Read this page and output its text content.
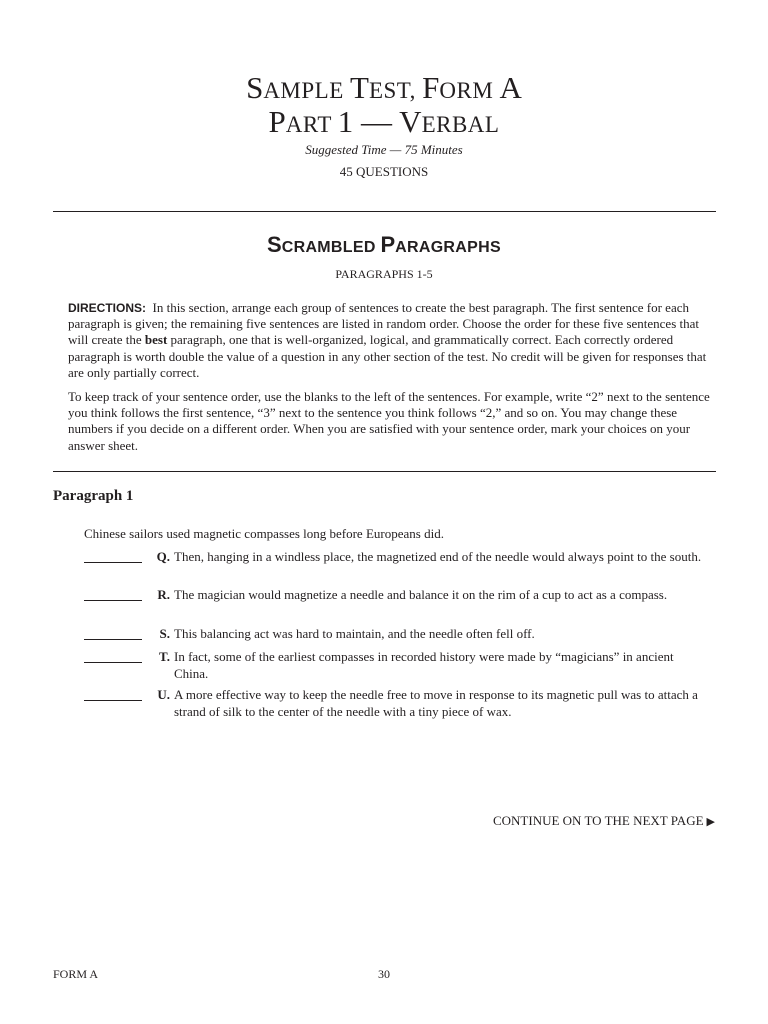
SAMPLE TEST, FORM A
PART 1 — VERBAL
Suggested Time — 75 Minutes
45 QUESTIONS
SCRAMBLED PARAGRAPHS
PARAGRAPHS 1-5
DIRECTIONS: In this section, arrange each group of sentences to create the best paragraph. The first sentence for each paragraph is given; the remaining five sentences are listed in random order. Choose the order for these five sentences that will create the best paragraph, one that is well-organized, logical, and grammatically correct. Each correctly ordered paragraph is worth double the value of a question in any other section of the test. No credit will be given for responses that are only partially correct.
To keep track of your sentence order, use the blanks to the left of the sentences. For example, write “2” next to the sentence you think follows the first sentence, “3” next to the sentence you think follows “2,” and so on. You may change these numbers if you decide on a different order. When you are satisfied with your sentence order, mark your choices on your answer sheet.
Paragraph 1
Chinese sailors used magnetic compasses long before Europeans did.
Q. Then, hanging in a windless place, the magnetized end of the needle would always point to the south.
R. The magician would magnetize a needle and balance it on the rim of a cup to act as a compass.
S. This balancing act was hard to maintain, and the needle often fell off.
T. In fact, some of the earliest compasses in recorded history were made by “magicians” in ancient China.
U. A more effective way to keep the needle free to move in response to its magnetic pull was to attach a strand of silk to the center of the needle with a tiny piece of wax.
CONTINUE ON TO THE NEXT PAGE ▶
FORM A	30
